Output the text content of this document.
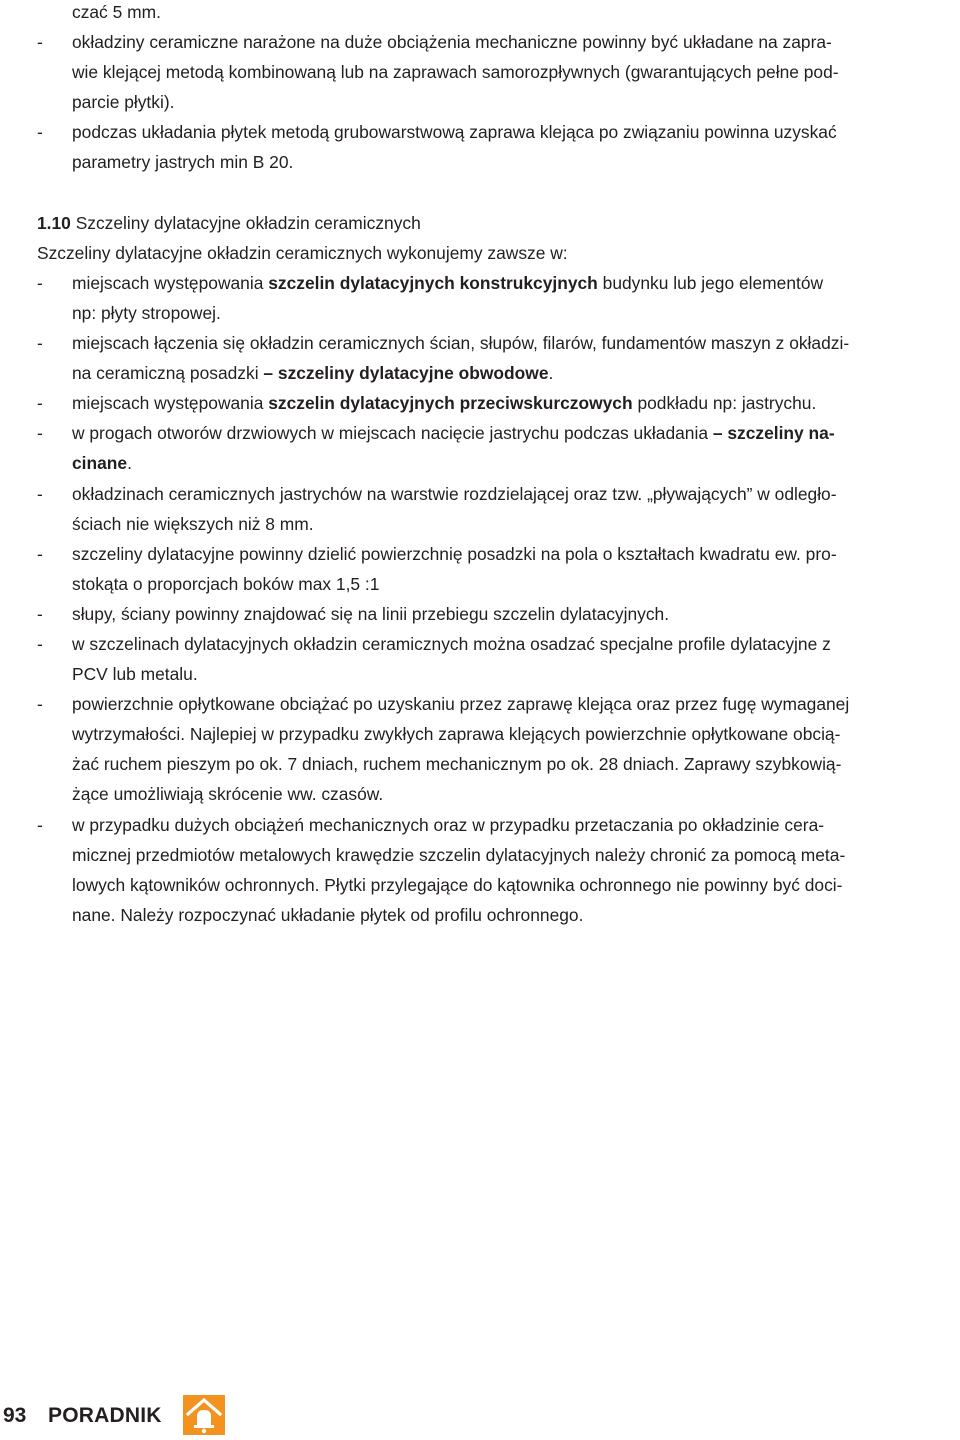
czać 5 mm.
- okładziny ceramiczne narażone na duże obciążenia mechaniczne powinny być układane na zapra-
wie klejącej metodą kombinowaną lub na zaprawach samorozpływnych (gwarantujących pełne pod-
parcie płytki).
- podczas układania płytek metodą grubowarstwową zaprawa klejąca po związaniu powinna uzyskać
parametry jastrych min B 20.
1.10 Szczeliny dylatacyjne okładzin ceramicznych
Szczeliny dylatacyjne okładzin ceramicznych wykonujemy zawsze w:
- miejscach występowania szczelin dylatacyjnych konstrukcyjnych budynku lub jego elementów
np: płyty stropowej.
- miejscach łączenia się okładzin ceramicznych ścian, słupów, filarów, fundamentów maszyn z okładzi-
na ceramiczną posadzki – szczeliny dylatacyjne obwodowe.
- miejscach występowania szczelin dylatacyjnych przeciwskurczowych podkładu np: jastrychu.
- w progach otworów drzwiowych w miejscach nacięcie jastrychu podczas układania – szczeliny na-
cinane.
- okładzinach ceramicznych jastrychów na warstwie rozdzielającej oraz tzw. „pływających” w odległo-
ściach nie większych niż 8 mm.
- szczeliny dylatacyjne powinny dzielić powierzchnię posadzki na pola o kształtach kwadratu ew. pro-
stokąta o proporcjach boków max 1,5 :1
- słupy, ściany powinny znajdować się na linii przebiegu szczelin dylatacyjnych.
- w szczelinach dylatacyjnych okładzin ceramicznych można osadzać specjalne profile dylatacyjne z
PCV lub metalu.
- powierzchnie opłytkowane obciążać po uzyskaniu przez zaprawę klejąca oraz przez fugę wymaganej
wytrzymałości. Najlepiej w przypadku zwykłych zaprawa klejących powierzchnie opłytkowane obcią-
żać ruchem pieszym po ok. 7 dniach, ruchem mechanicznym po ok. 28 dniach. Zaprawy szybkowią-
żące umożliwiają skrócenie ww. czasów.
- w przypadku dużych obciążeń mechanicznych oraz w przypadku przetaczania po okładzinie cera-
micznej przedmiotów metalowych krawędzie szczelin dylatacyjnych należy chronić za pomocą meta-
lowych kątowników ochronnych. Płytki przylegające do kątownika ochronnego nie powinny być doci-
nane. Należy rozpoczynać układanie płytek od profilu ochronnego.
93 PORADNIK
